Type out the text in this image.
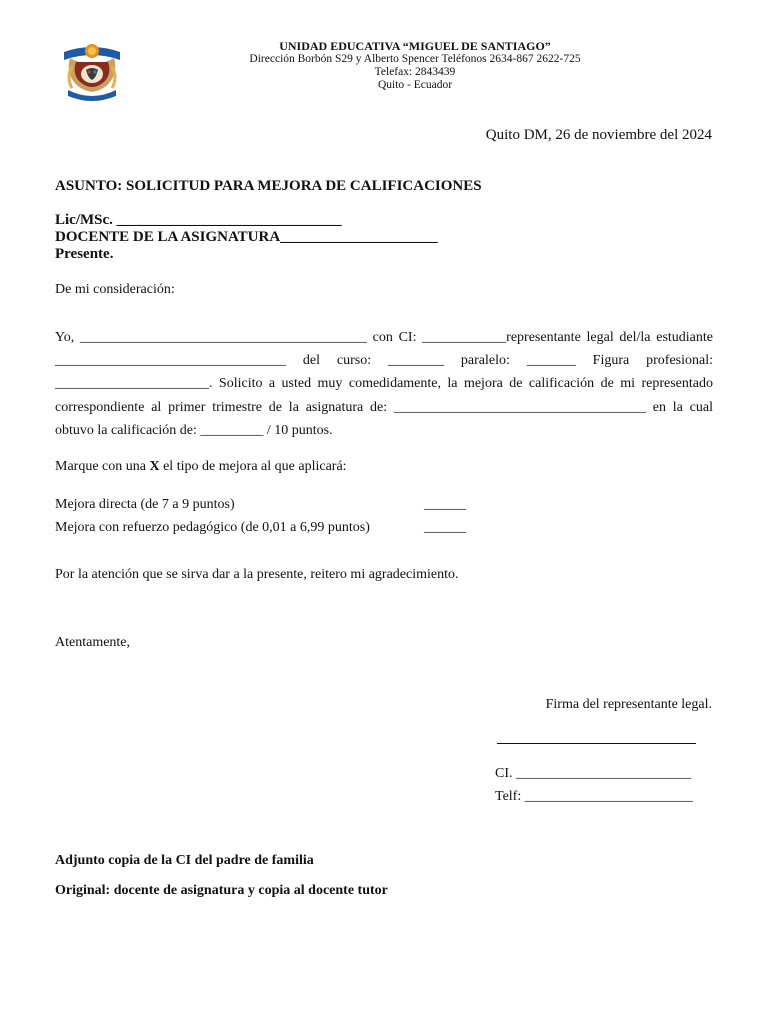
UNIDAD EDUCATIVA “MIGUEL DE SANTIAGO”
Dirección Borbón S29 y Alberto Spencer Teléfonos 2634-867 2622-725
Telefax: 2843439
Quito - Ecuador
Quito DM, 26 de noviembre del 2024
ASUNTO: SOLICITUD PARA MEJORA DE CALIFICACIONES
Lic/MSc. ______________________________
DOCENTE DE LA ASIGNATURA_____________________
Presente.
De mi consideración:
Yo, _________________________________________ con CI: ____________representante legal del/la estudiante _________________________________ del curso: ________ paralelo: _______ Figura profesional: ______________________. Solicito a usted muy comedidamente, la mejora de calificación de mi representado correspondiente al primer trimestre de la asignatura de: ____________________________________ en la cual obtuvo la calificación de: _________ / 10 puntos.
Marque con una X el tipo de mejora al que aplicará:
Mejora directa (de 7 a 9 puntos)	______
Mejora con refuerzo pedagógico (de 0,01 a 6,99 puntos)	______
Por la atención que se sirva dar a la presente, reitero mi agradecimiento.
Atentamente,
Firma del representante legal.
CI. _________________________
Telf: ________________________
Adjunto copia de la CI del padre de familia
Original: docente de asignatura y copia al docente tutor
